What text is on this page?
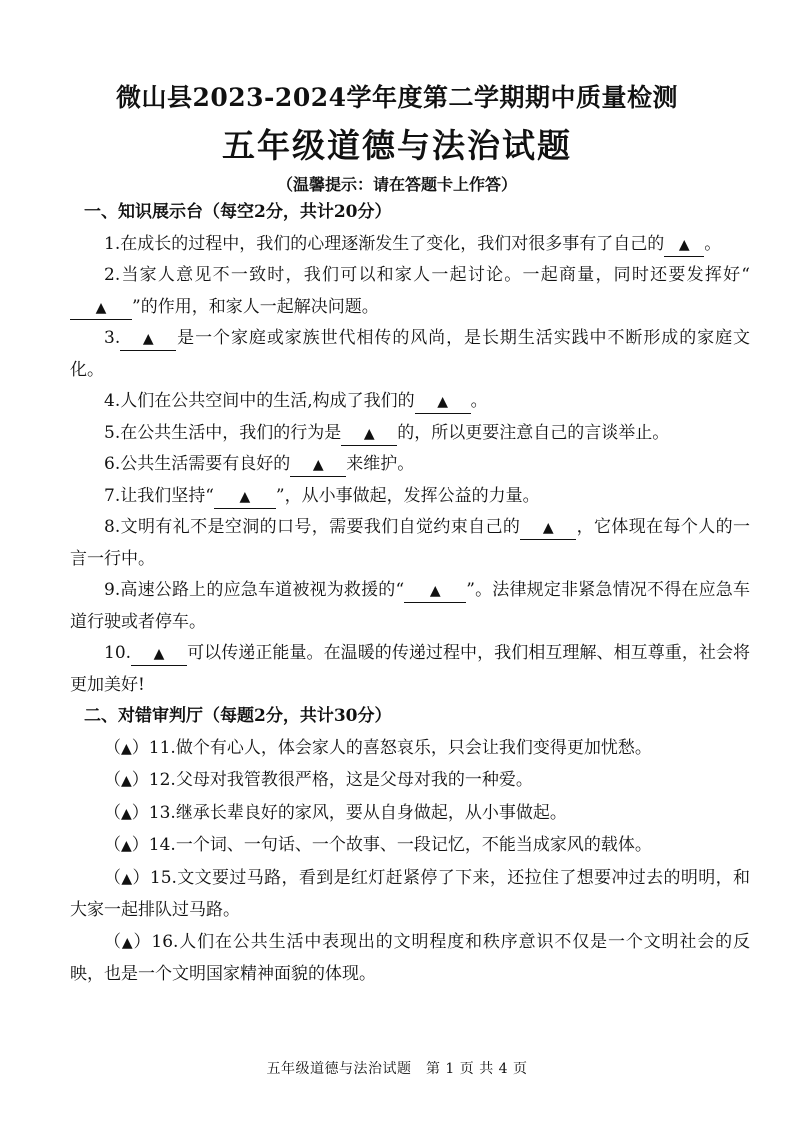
微山县2023-2024学年度第二学期期中质量检测
五年级道德与法治试题
（温馨提示：请在答题卡上作答）

一、知识展示台（每空2分，共计20分）

1.在成长的过程中，我们的心理逐渐发生了变化，我们对很多事有了自己的 ▲ 。

2.当家人意见不一致时，我们可以和家人一起讨论。一起商量，同时还要发挥好“▲ ”的作用，和家人一起解决问题。

3. ▲ 是一个家庭或家族世代相传的风尚，是长期生活实践中不断形成的家庭文化。

4.人们在公共空间中的生活,构成了我们的 ▲ 。

5.在公共生活中，我们的行为是 ▲ 的，所以更要注意自己的言谈举止。

6.公共生活需要有良好的 ▲ 来维护。

7.让我们坚持“ ▲ ”，从小事做起，发挥公益的力量。

8.文明有礼不是空洞的口号，需要我们自觉约束自己的 ▲ ，它体现在每个人的一言一行中。

9.高速公路上的应急车道被视为救援的“ ▲ ”。法律规定非紧急情况不得在应急车道行驶或者停车。

10. ▲ 可以传递正能量。在温暖的传递过程中，我们相互理解、相互尊重，社会将更加美好!

二、对错审判厅（每题2分，共计30分）

（▲）11.做个有心人，体会家人的喜怒哀乐，只会让我们变得更加忧愁。

（▲）12.父母对我管教很严格，这是父母对我的一种爱。

（▲）13.继承长辈良好的家风，要从自身做起，从小事做起。

（▲）14.一个词、一句话、一个故事、一段记忆，不能当成家风的载体。

（▲）15.文文要过马路，看到是红灯赶紧停了下来，还拉住了想要冲过去的明明，和大家一起排队过马路。

（▲）16.人们在公共生活中表现出的文明程度和秩序意识不仅是一个文明社会的反映，也是一个文明国家精神面貌的体现。

五年级道德与法治试题　第 1 页 共 4 页
